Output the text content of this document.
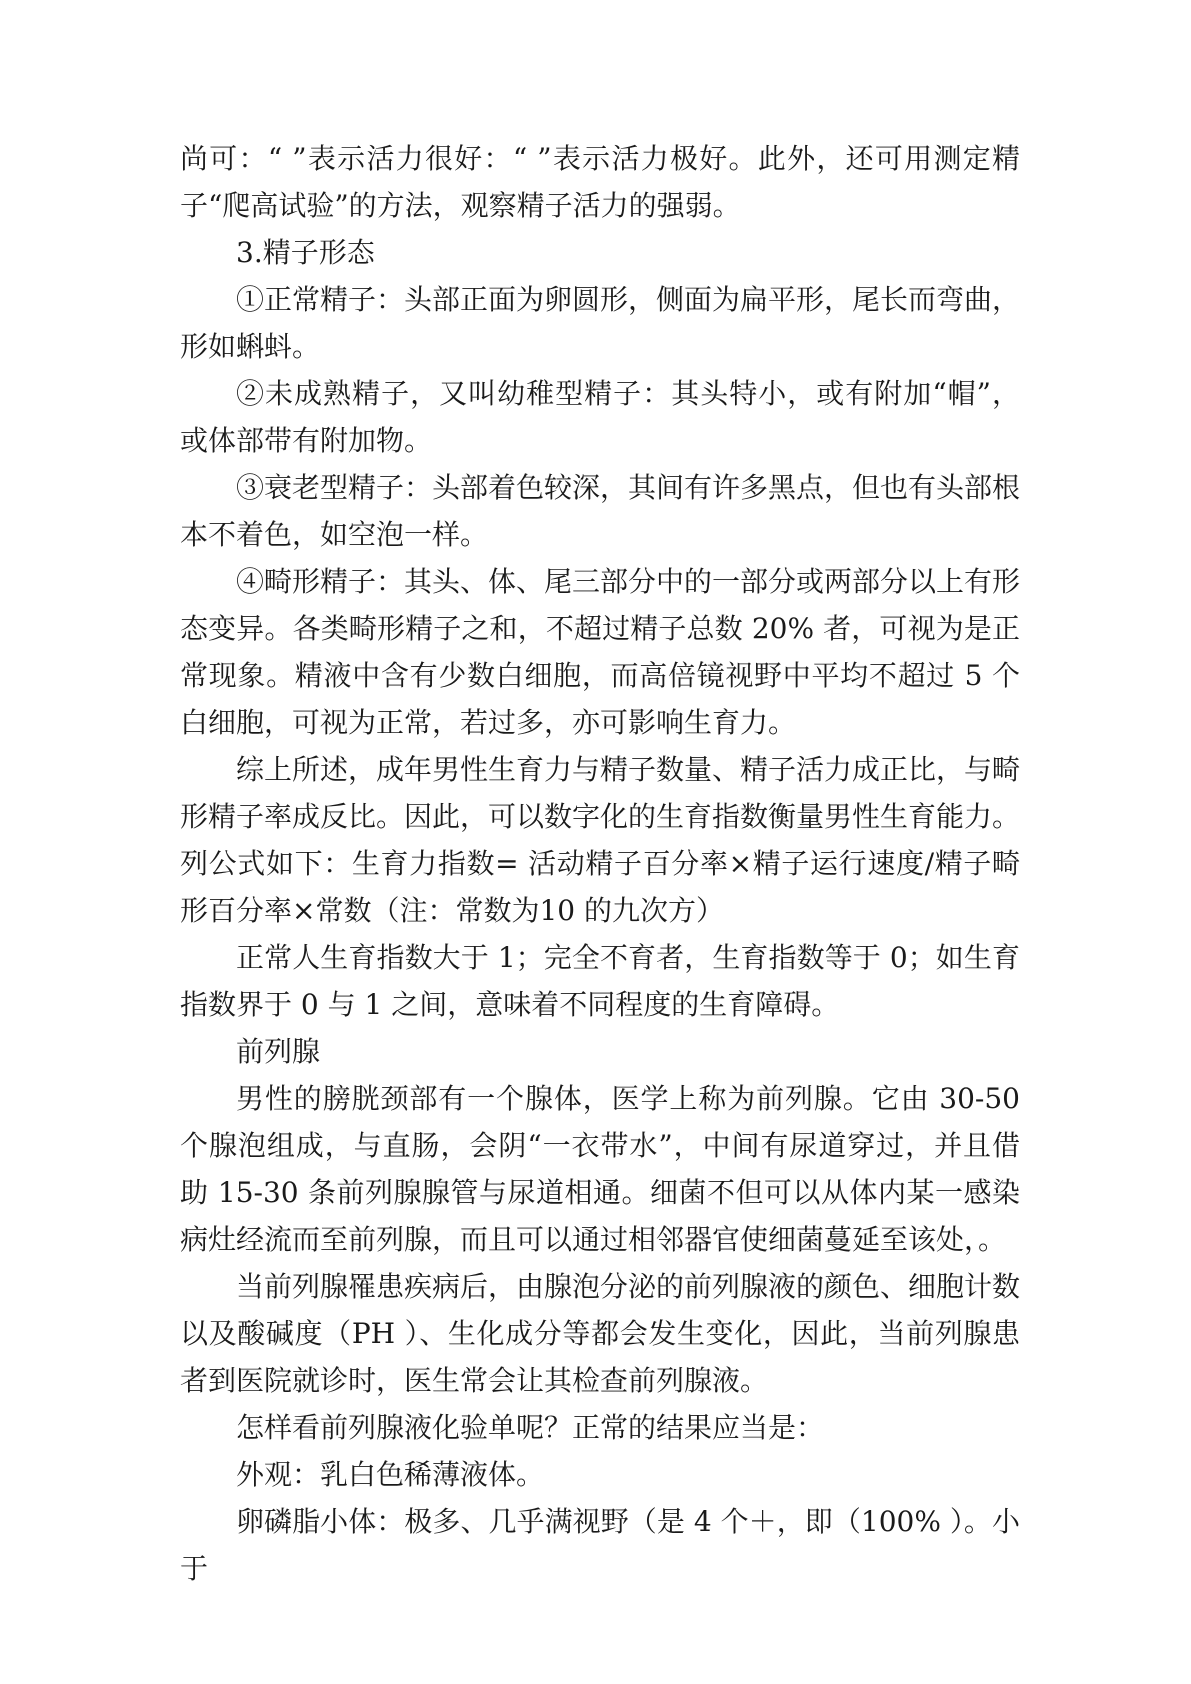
尚可：“ ”表示活力很好：“ ”表示活力极好。此外，还可用测定精子“爬高试验”的方法，观察精子活力的强弱。

3.精子形态

①正常精子：头部正面为卵圆形，侧面为扁平形，尾长而弯曲，形如蝌蚪。

②未成熟精子，又叫幼稚型精子：其头特小，或有附加“帽”，或体部带有附加物。

③衰老型精子：头部着色较深，其间有许多黑点，但也有头部根本不着色，如空泡一样。

④畸形精子：其头、体、尾三部分中的一部分或两部分以上有形态变异。各类畸形精子之和，不超过精子总数 20% 者，可视为是正常现象。精液中含有少数白细胞，而高倍镜视野中平均不超过 5 个白细胞，可视为正常，若过多，亦可影响生育力。

综上所述，成年男性生育力与精子数量、精子活力成正比，与畸形精子率成反比。因此，可以数字化的生育指数衡量男性生育能力。列公式如下：生育力指数= 活动精子百分率×精子运行速度/精子畸形百分率×常数（注：常数为10 的九次方）

正常人生育指数大于 1；完全不育者，生育指数等于 0；如生育指数界于 0 与 1 之间，意味着不同程度的生育障碍。

前列腺

男性的膀胱颈部有一个腺体，医学上称为前列腺。它由 30-50 个腺泡组成，与直肠，会阴“一衣带水”，中间有尿道穿过，并且借助 15-30 条前列腺腺管与尿道相通。细菌不但可以从体内某一感染病灶经流而至前列腺，而且可以通过相邻器官使细菌蔓延至该处，。

当前列腺罹患疾病后，由腺泡分泌的前列腺液的颜色、细胞计数以及酸碱度（PH ）、生化成分等都会发生变化，因此，当前列腺患者到医院就诊时，医生常会让其检查前列腺液。

怎样看前列腺液化验单呢？正常的结果应当是：

外观：乳白色稀薄液体。

卵磷脂小体：极多、几乎满视野（是 4 个＋，即（100% ）。小于
